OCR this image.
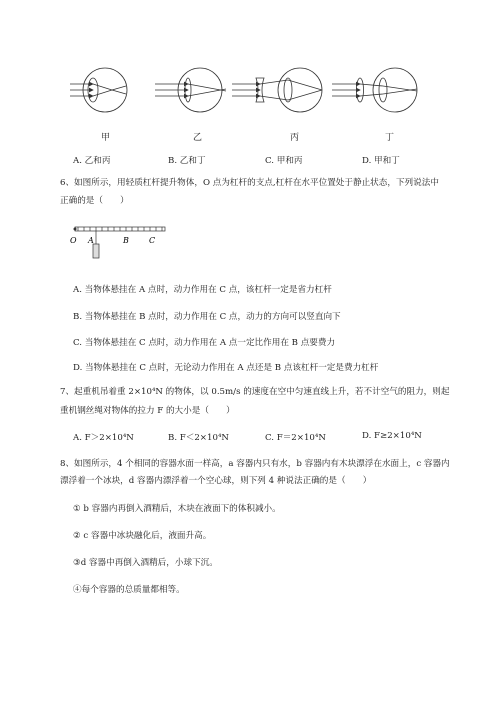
甲	乙	丙	丁
A. 乙和丙	B. 乙和丁	C. 甲和丙	D. 甲和丁
6、如图所示，用轻质杠杆提升物体，O 点为杠杆的支点,杠杆在水平位置处于静止状态，下列说法中
正确的是（　　）
O A	B	C
A. 当物体悬挂在 A 点时，动力作用在 C 点，该杠杆一定是省力杠杆
B. 当物体悬挂在 B 点时，动力作用在 C 点，动力的方向可以竖直向下
C. 当物体悬挂在 C 点时，动力作用在 A 点一定比作用在 B 点要费力
D. 当物体悬挂在 C 点时，无论动力作用在 A 点还是 B 点该杠杆一定是费力杠杆
7、起重机吊着重 2×10⁴N 的物体，以 0.5m/s 的速度在空中匀速直线上升，若不计空气的阻力，则起
重机钢丝绳对物体的拉力 F 的大小是（　　）
A. F＞2×10⁴N	B. F＜2×10⁴N	C. F＝2×10⁴N	D. F≥2×10⁴N
8、如图所示，4 个相同的容器水面一样高，a 容器内只有水，b 容器内有木块漂浮在水面上，c 容器内
漂浮着一个冰块，d 容器内漂浮着一个空心球，则下列 4 种说法正确的是（　　）
① b 容器内再倒入酒精后，木块在液面下的体积减小。
② c 容器中冰块融化后，液面升高。
③d 容器中再倒入酒精后，小球下沉。
④每个容器的总质量都相等。
